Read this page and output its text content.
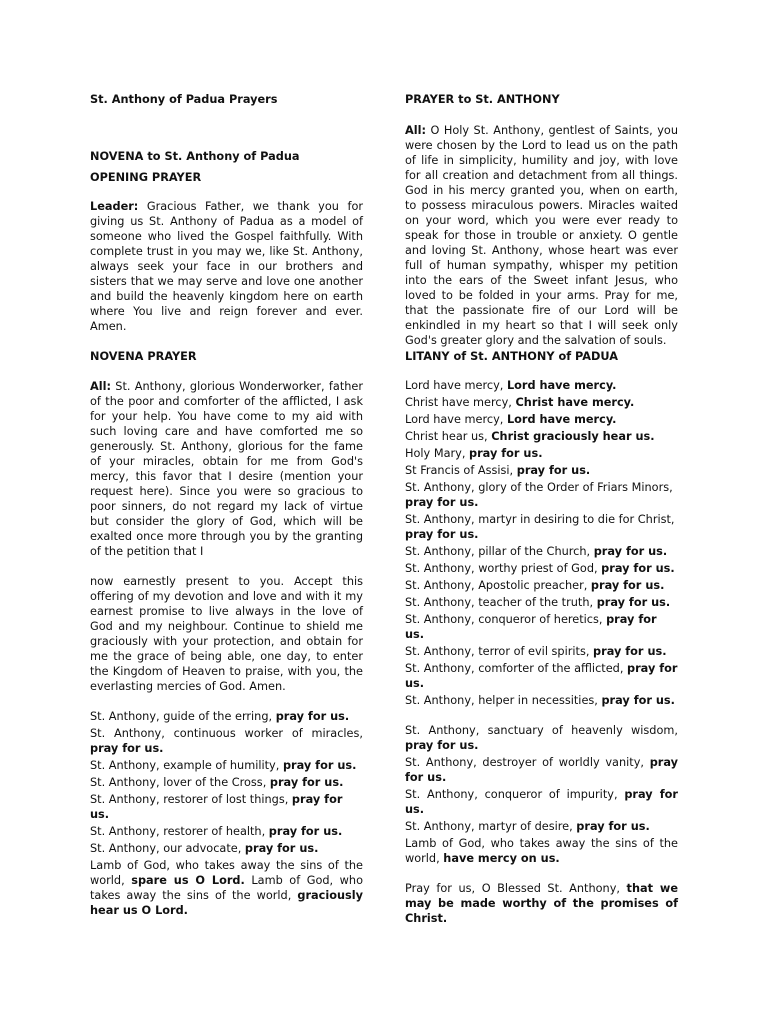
St. Anthony of Padua Prayers

NOVENA to St. Anthony of Padua

OPENING PRAYER

Leader: Gracious Father, we thank you for giving us St. Anthony of Padua as a model of someone who lived the Gospel faithfully. With complete trust in you may we, like St. Anthony, always seek your face in our brothers and sisters that we may serve and love one another and build the heavenly kingdom here on earth where You live and reign forever and ever. Amen.

NOVENA PRAYER

All: St. Anthony, glorious Wonderworker, father of the poor and comforter of the afflicted, I ask for your help. You have come to my aid with such loving care and have comforted me so generously. St. Anthony, glorious for the fame of your miracles, obtain for me from God's mercy, this favor that I desire (mention your request here). Since you were so gracious to poor sinners, do not regard my lack of virtue but consider the glory of God, which will be exalted once more through you by the granting of the petition that I

now earnestly present to you. Accept this offering of my devotion and love and with it my earnest promise to live always in the love of God and my neighbour. Continue to shield me graciously with your protection, and obtain for me the grace of being able, one day, to enter the Kingdom of Heaven to praise, with you, the everlasting mercies of God. Amen.

St. Anthony, guide of the erring, pray for us.

St. Anthony, continuous worker of miracles, pray for us.

St. Anthony, example of humility, pray for us.

St. Anthony, lover of the Cross, pray for us.

St. Anthony, restorer of lost things, pray for us.

St. Anthony, restorer of health, pray for us.

St. Anthony, our advocate, pray for us.

Lamb of God, who takes away the sins of the world, spare us O Lord. Lamb of God, who takes away the sins of the world, graciously hear us O Lord.

PRAYER to St. ANTHONY

All: O Holy St. Anthony, gentlest of Saints, you were chosen by the Lord to lead us on the path of life in simplicity, humility and joy, with love for all creation and detachment from all things. God in his mercy granted you, when on earth, to possess miraculous powers. Miracles waited on your word, which you were ever ready to speak for those in trouble or anxiety. O gentle and loving St. Anthony, whose heart was ever full of human sympathy, whisper my petition into the ears of the Sweet infant Jesus, who loved to be folded in your arms. Pray for me, that the passionate fire of our Lord will be enkindled in my heart so that I will seek only God's greater glory and the salvation of souls.

LITANY of St. ANTHONY of PADUA

Lord have mercy, Lord have mercy.

Christ have mercy, Christ have mercy.

Lord have mercy, Lord have mercy.

Christ hear us, Christ graciously hear us.

Holy Mary, pray for us.

St Francis of Assisi, pray for us.

St. Anthony, glory of the Order of Friars Minors, pray for us.

St. Anthony, martyr in desiring to die for Christ, pray for us.

St. Anthony, pillar of the Church, pray for us.

St. Anthony, worthy priest of God, pray for us.

St. Anthony, Apostolic preacher, pray for us.

St. Anthony, teacher of the truth, pray for us.

St. Anthony, conqueror of heretics, pray for us.

St. Anthony, terror of evil spirits, pray for us.

St. Anthony, comforter of the afflicted, pray for us.

St. Anthony, helper in necessities, pray for us.

St. Anthony, sanctuary of heavenly wisdom, pray for us.

St. Anthony, destroyer of worldly vanity, pray for us.

St. Anthony, conqueror of impurity, pray for us.

St. Anthony, martyr of desire, pray for us.

Lamb of God, who takes away the sins of the world, have mercy on us.

Pray for us, O Blessed St. Anthony, that we may be made worthy of the promises of Christ.
